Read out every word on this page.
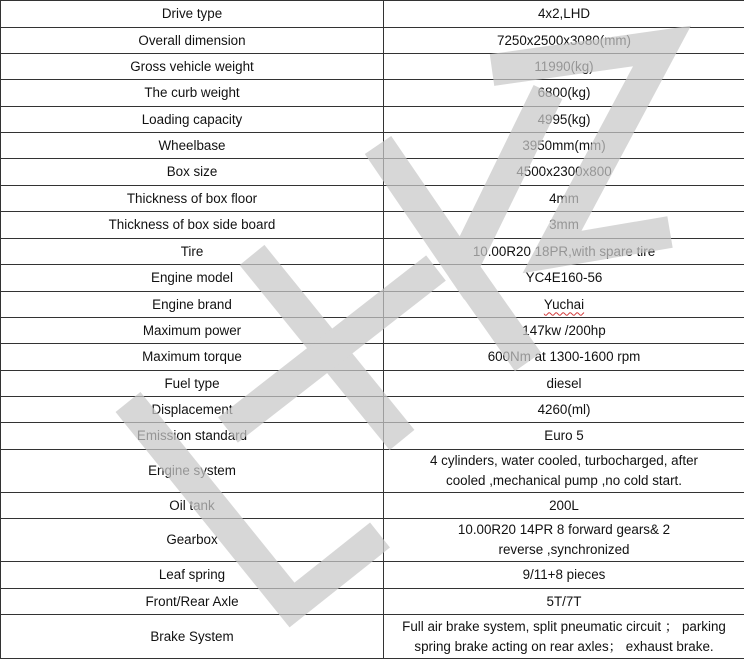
Drive type	4x2,LHD
Overall dimension	7250x2500x3080(mm)
Gross vehicle weight	11990(kg)
The curb weight	6800(kg)
Loading capacity	4995(kg)
Wheelbase	3950mm(mm)
Box size	4500x2300x800
Thickness of box floor	4mm
Thickness of box side board	3mm
Tire	10.00R20 18PR,with spare tire
Engine model	YC4E160-56
Engine brand	Yuchai
Maximum power	147kw /200hp
Maximum torque	600Nm at 1300-1600 rpm
Fuel type	diesel
Displacement	4260(ml)
Emission standard	Euro 5
Engine system	4 cylinders, water cooled, turbocharged, after
cooled ,mechanical pump ,no cold start.
Oil tank	200L
Gearbox	10.00R20 14PR 8 forward gears& 2
reverse ,synchronized
Leaf spring	9/11+8 pieces
Front/Rear Axle	5T/7T
Brake System	Full air brake system, split pneumatic circuit ； parking
spring brake acting on rear axles； exhaust brake.
